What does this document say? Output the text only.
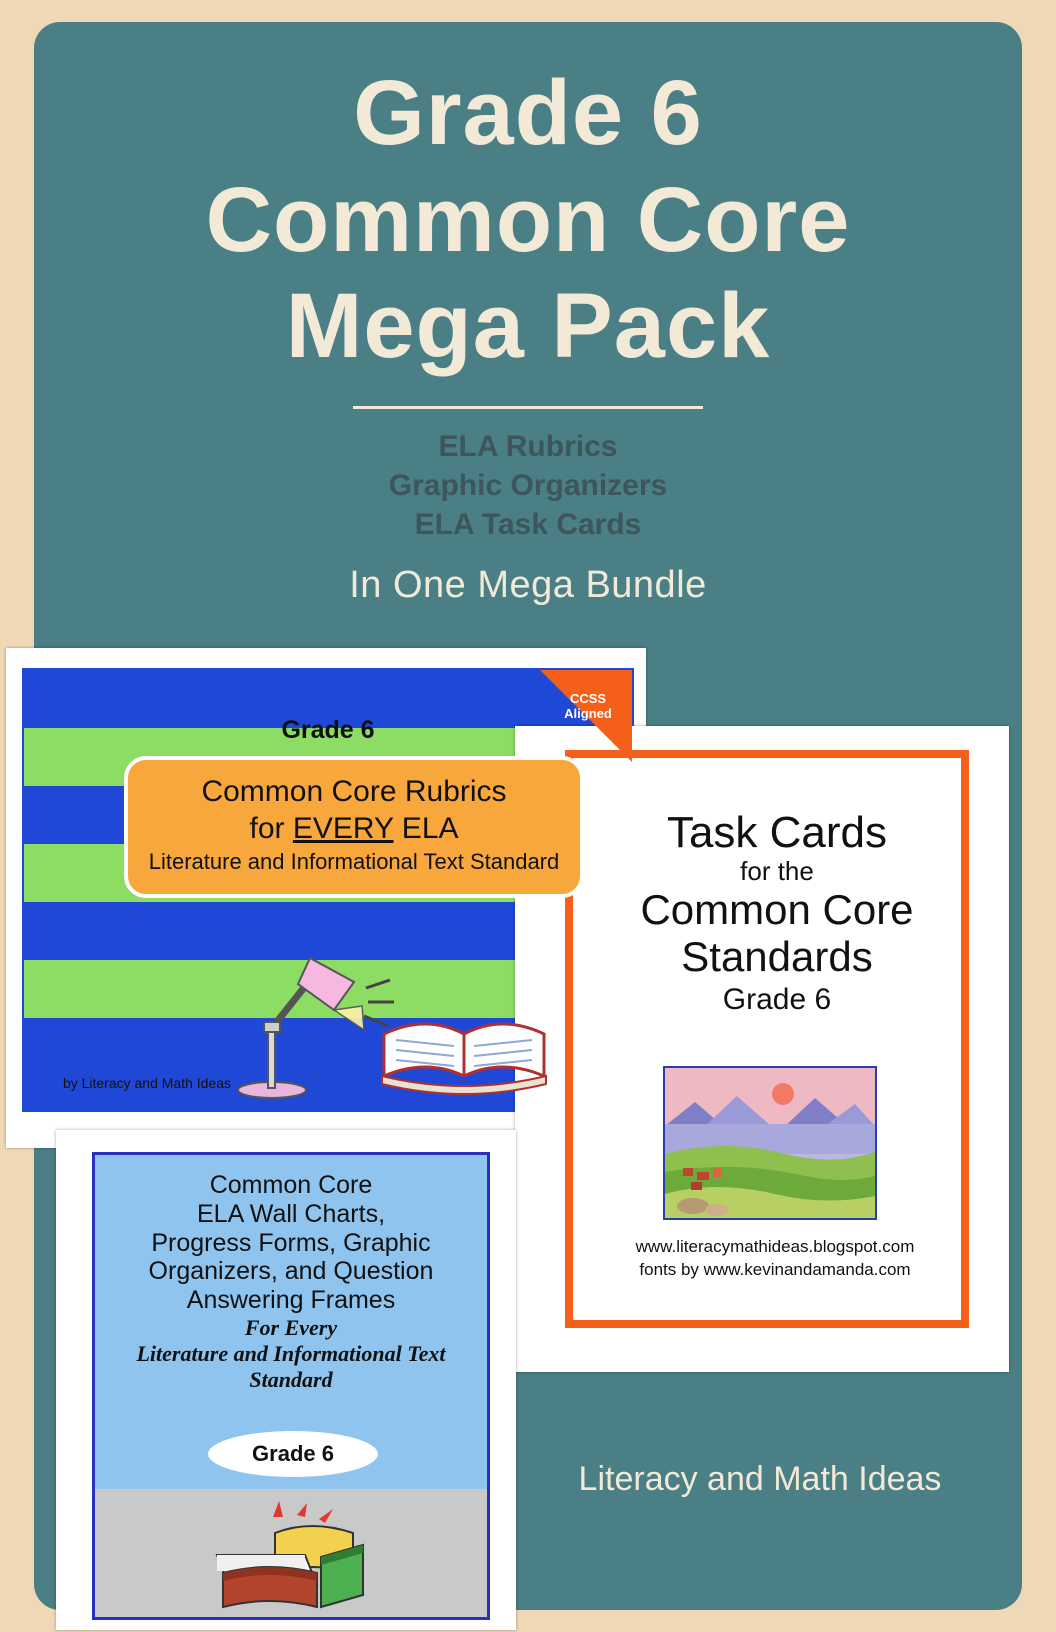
Grade 6
Common Core
Mega Pack
ELA Rubrics
Graphic Organizers
ELA Task Cards
In One Mega Bundle
Grade 6
CCSS
Aligned
Common Core Rubrics
for EVERY ELA
Literature and Informational Text Standard
by Literacy and Math Ideas
Task Cards
for the
Common Core
Standards
Grade 6
www.literacymathideas.blogspot.com
fonts by www.kevinandamanda.com
Common Core
ELA Wall Charts,
Progress Forms, Graphic
Organizers, and Question
Answering Frames
For Every
Literature and Informational Text
Standard
Grade 6
Literacy and Math Ideas
